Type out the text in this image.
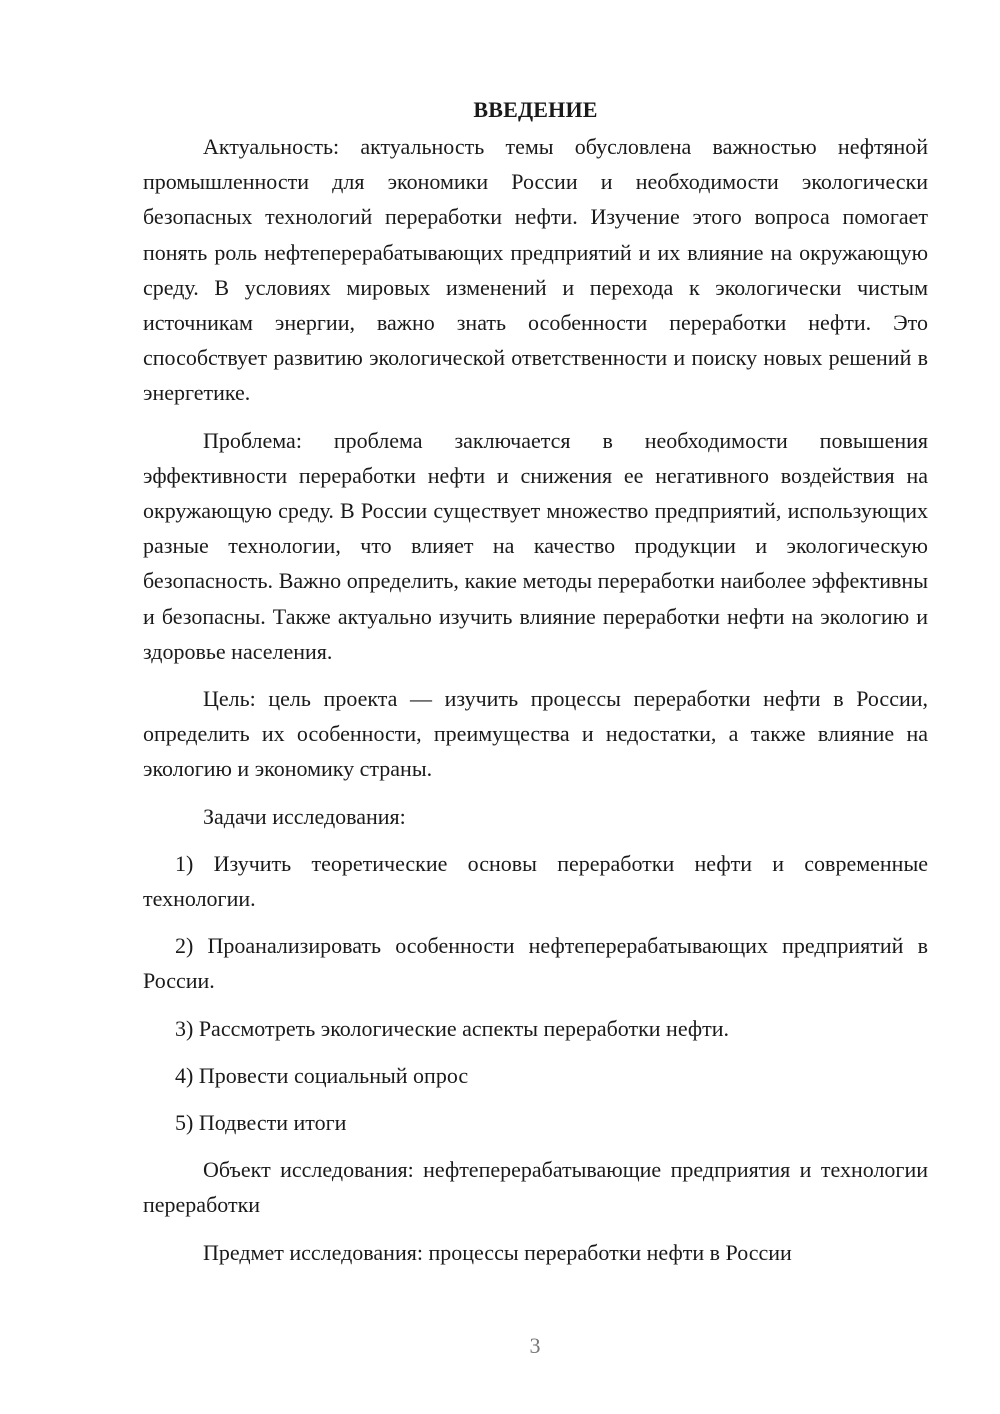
ВВЕДЕНИЕ

Актуальность: актуальность темы обусловлена важностью нефтяной промышленности для экономики России и необходимости экологически безопасных технологий переработки нефти. Изучение этого вопроса помогает понять роль нефтеперерабатывающих предприятий и их влияние на окружающую среду. В условиях мировых изменений и перехода к экологически чистым источникам энергии, важно знать особенности переработки нефти. Это способствует развитию экологической ответственности и поиску новых решений в энергетике.

Проблема: проблема заключается в необходимости повышения эффективности переработки нефти и снижения ее негативного воздействия на окружающую среду. В России существует множество предприятий, использующих разные технологии, что влияет на качество продукции и экологическую безопасность. Важно определить, какие методы переработки наиболее эффективны и безопасны. Также актуально изучить влияние переработки нефти на экологию и здоровье населения.

Цель: цель проекта — изучить процессы переработки нефти в России, определить их особенности, преимущества и недостатки, а также влияние на экологию и экономику страны.

Задачи исследования:

1) Изучить теоретические основы переработки нефти и современные технологии.

2) Проанализировать особенности нефтеперерабатывающих предприятий в России.

3) Рассмотреть экологические аспекты переработки нефти.

4) Провести социальный опрос

5) Подвести итоги

Объект исследования: нефтеперерабатывающие предприятия и технологии переработки

Предмет исследования: процессы переработки нефти в России

3
